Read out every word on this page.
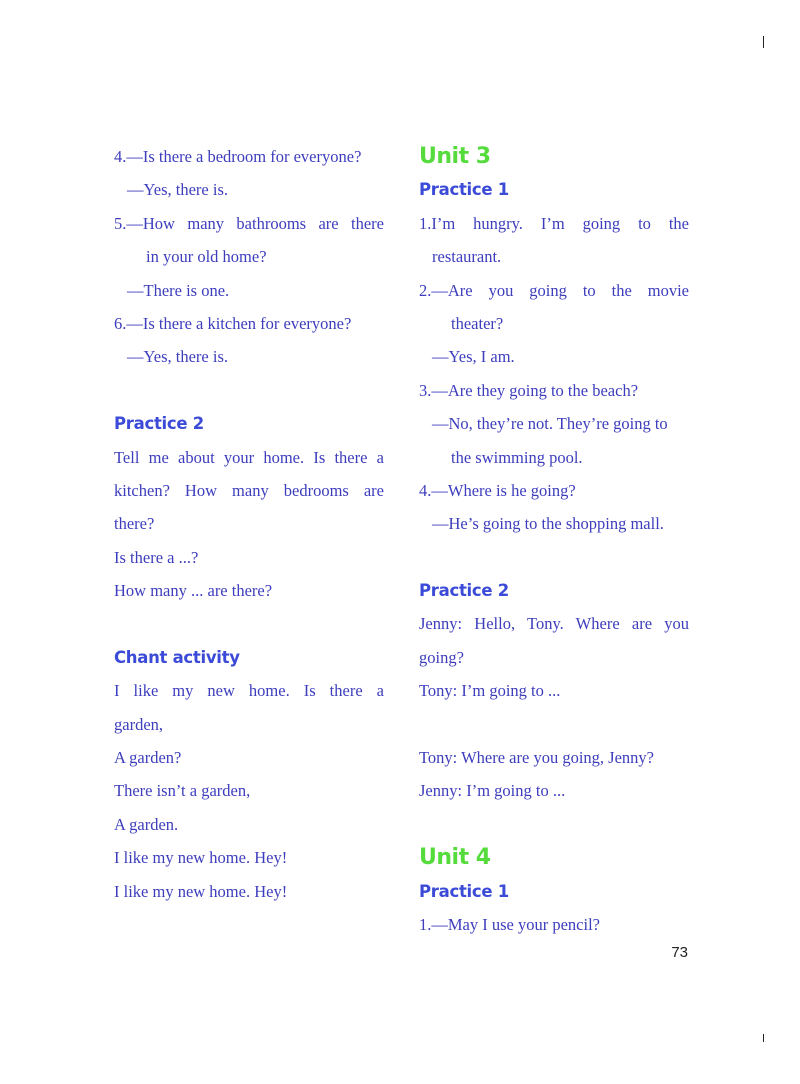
4.—Is there a bedroom for everyone?
—Yes, there is.
5.—How many bathrooms are there
in your old home?
—There is one.
6.—Is there a kitchen for everyone?
—Yes, there is.
Practice 2
Tell me about your home. Is there a
kitchen? How many bedrooms are
there?
Is there a ...?
How many ... are there?
Chant activity
I like my new home. Is there a
garden,
A garden?
There isn’t a garden,
A garden.
I like my new home. Hey!
I like my new home. Hey!
Unit 3
Practice 1
1.I’m hungry. I’m going to the
restaurant.
2.—Are you going to the movie
theater?
—Yes, I am.
3.—Are they going to the beach?
—No, they’re not. They’re going to
the swimming pool.
4.—Where is he going?
—He’s going to the shopping mall.
Practice 2
Jenny: Hello, Tony. Where are you
going?
Tony: I’m going to ...
Tony: Where are you going, Jenny?
Jenny: I’m going to ...
Unit 4
Practice 1
1.—May I use your pencil?
73
